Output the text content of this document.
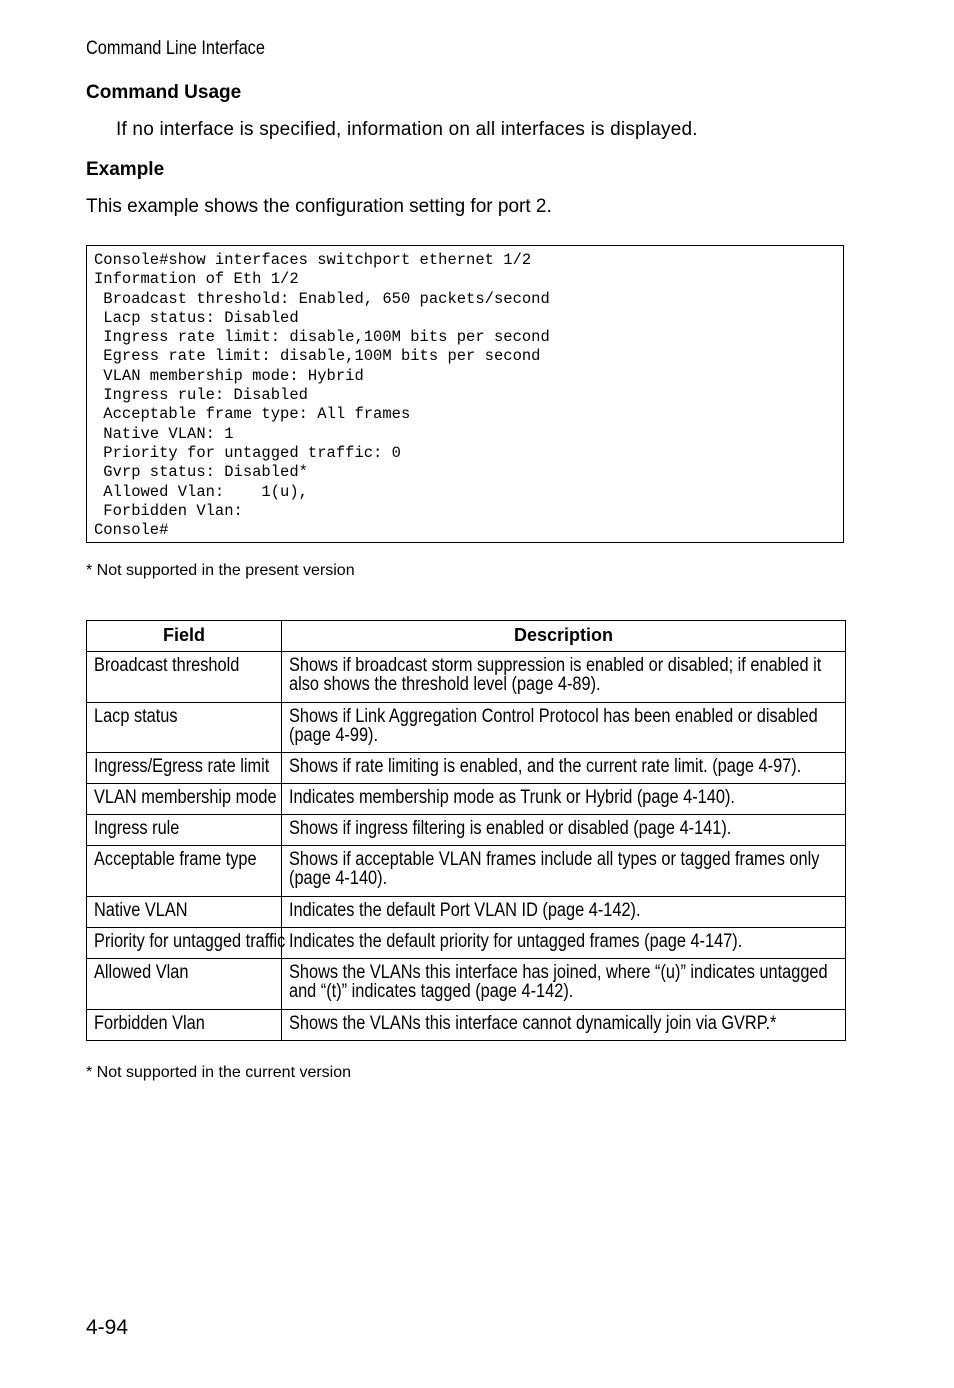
Command Line Interface
Command Usage
If no interface is specified, information on all interfaces is displayed.
Example
This example shows the configuration setting for port 2.
Console#show interfaces switchport ethernet 1/2
Information of Eth 1/2
Broadcast threshold: Enabled, 650 packets/second
Lacp status: Disabled
Ingress rate limit: disable,100M bits per second
Egress rate limit: disable,100M bits per second
VLAN membership mode: Hybrid
Ingress rule: Disabled
Acceptable frame type: All frames
Native VLAN: 1
Priority for untagged traffic: 0
Gvrp status: Disabled*
Allowed Vlan:    1(u),
Forbidden Vlan:
Console#
* Not supported in the present version
Field	Description

Broadcast threshold	Shows if broadcast storm suppression is enabled or disabled; if enabled it also shows the threshold level (page 4-89).

Lacp status	Shows if Link Aggregation Control Protocol has been enabled or disabled (page 4-99).

Ingress/Egress rate limit	Shows if rate limiting is enabled, and the current rate limit. (page 4-97).

VLAN membership mode	Indicates membership mode as Trunk or Hybrid (page 4-140).

Ingress rule	Shows if ingress filtering is enabled or disabled (page 4-141).

Acceptable frame type	Shows if acceptable VLAN frames include all types or tagged frames only (page 4-140).

Native VLAN	Indicates the default Port VLAN ID (page 4-142).

Priority for untagged traffic	Indicates the default priority for untagged frames (page 4-147).

Allowed Vlan	Shows the VLANs this interface has joined, where “(u)” indicates untagged and “(t)” indicates tagged (page 4-142).

Forbidden Vlan	Shows the VLANs this interface cannot dynamically join via GVRP.*
* Not supported in the current version
4-94
